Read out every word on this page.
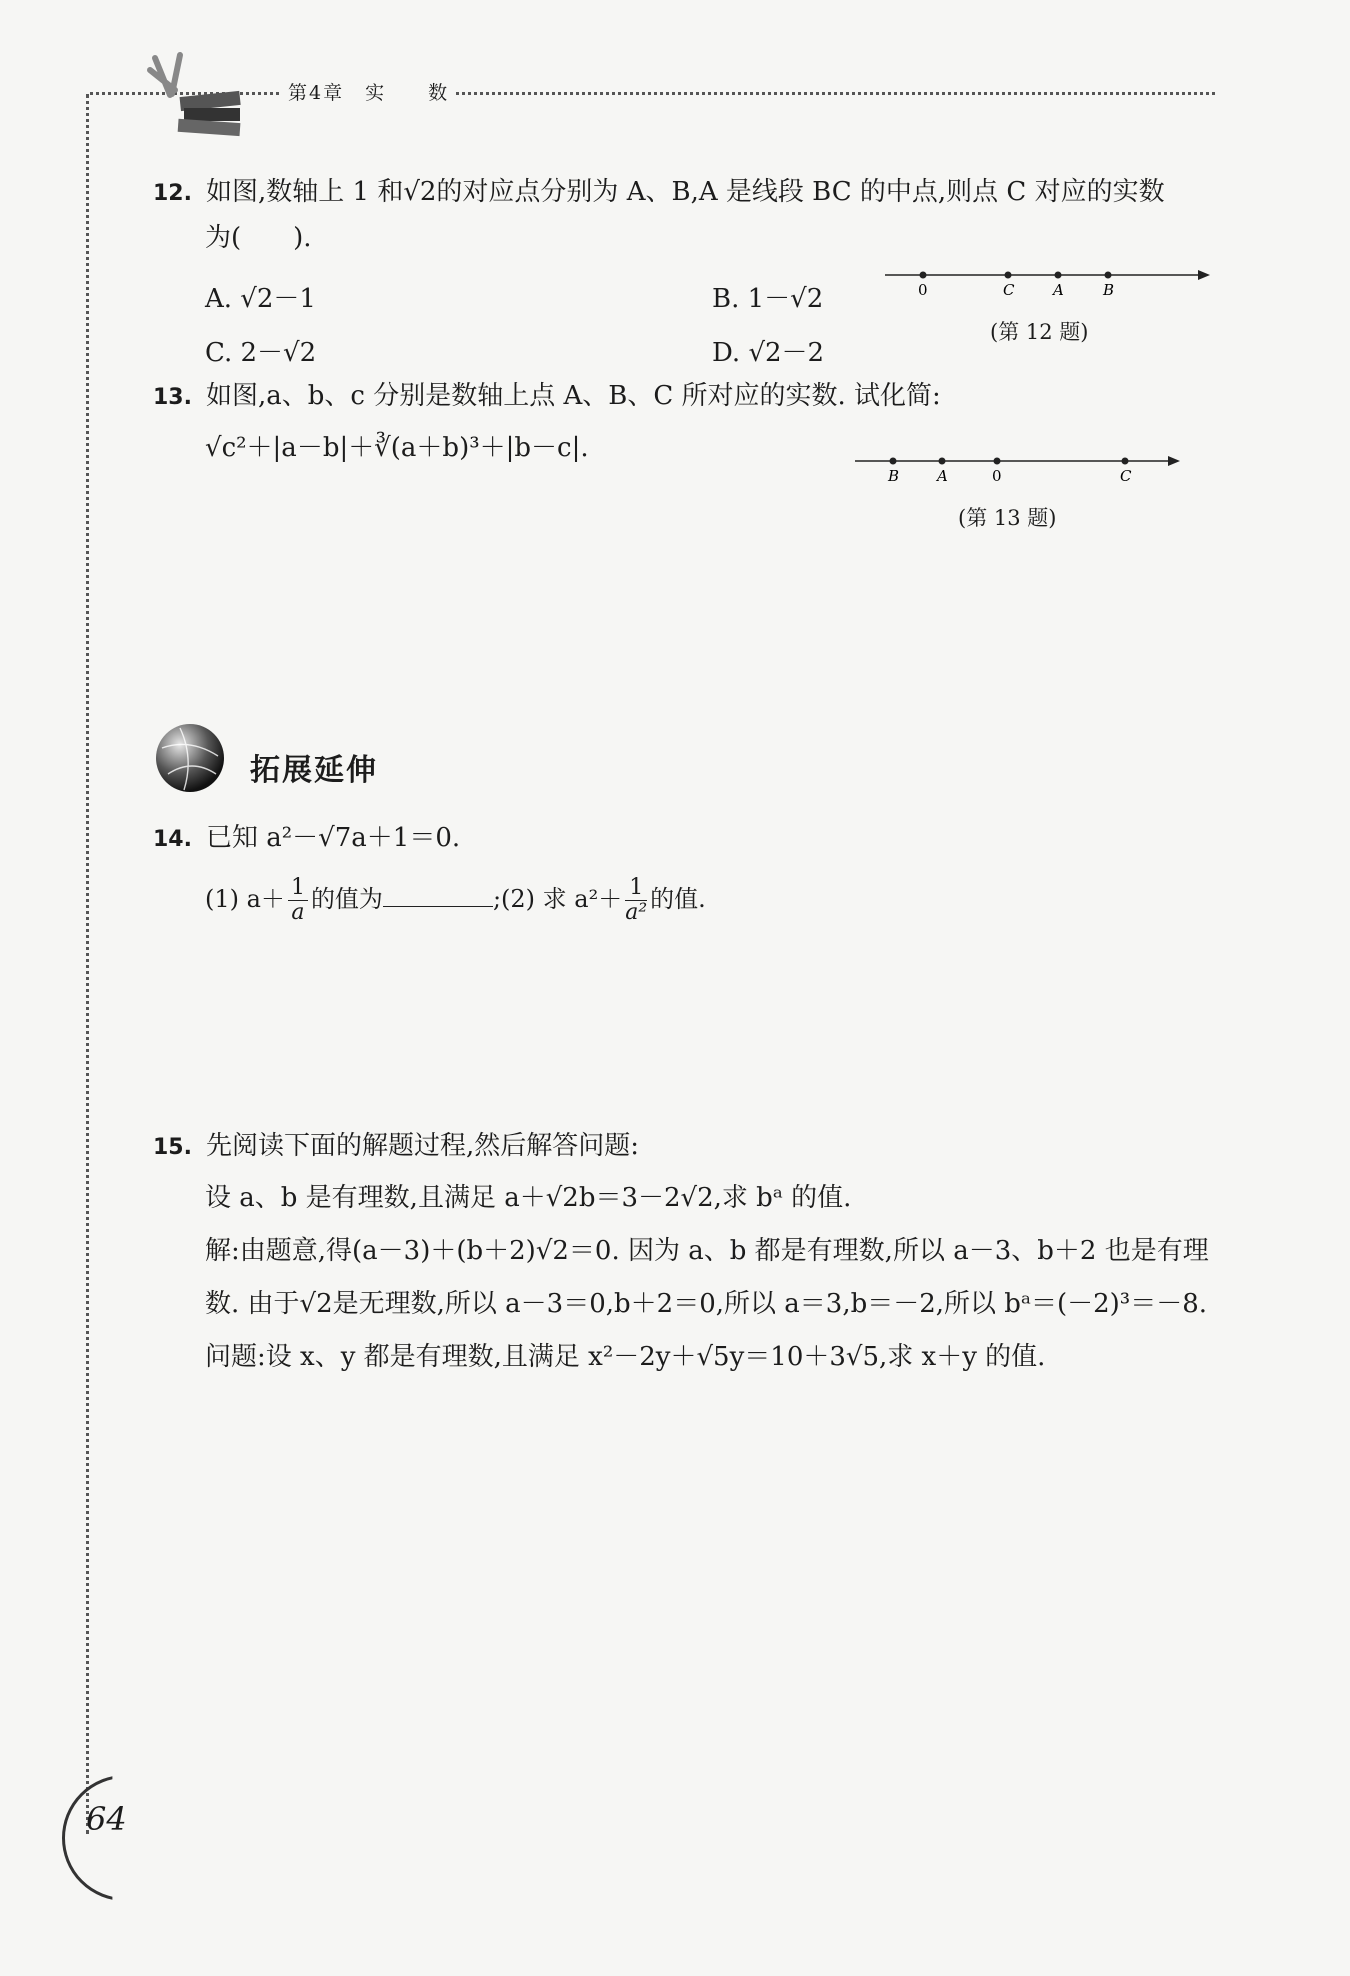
第4章　实　　数
12. 如图,数轴上 1 和√2的对应点分别为 A、B,A 是线段 BC 的中点,则点 C 对应的实数
为(　　).
A. √2－1	B. 1－√2
C. 2－√2	D. √2－2
0	C	A	B
(第 12 题)
13. 如图,a、b、c 分别是数轴上点 A、B、C 所对应的实数. 试化简:
√c²＋|a－b|＋∛(a＋b)³＋|b－c|.
B	A	0	C
(第 13 题)
拓展延伸
14. 已知 a²－√7a＋1＝0.
(1) $a+ \frac{1}{a}$ 的值为	;(2) 求 $a^2+ \frac{1}{\text{a²}}$ 的值.
15. 先阅读下面的解题过程,然后解答问题:
设 a、b 是有理数,且满足 a＋√2b＝3－2√2,求 bᵃ 的值.
解:由题意,得(a－3)＋(b＋2)√2＝0. 因为 a、b 都是有理数,所以 a－3、b＋2 也是有理
数. 由于√2是无理数,所以 a－3＝0,b＋2＝0,所以 a＝3,b＝－2,所以 bᵃ＝(－2)³＝－8.
问题:设 x、y 都是有理数,且满足 x²－2y＋√5y＝10＋3√5,求 x＋y 的值.
64
